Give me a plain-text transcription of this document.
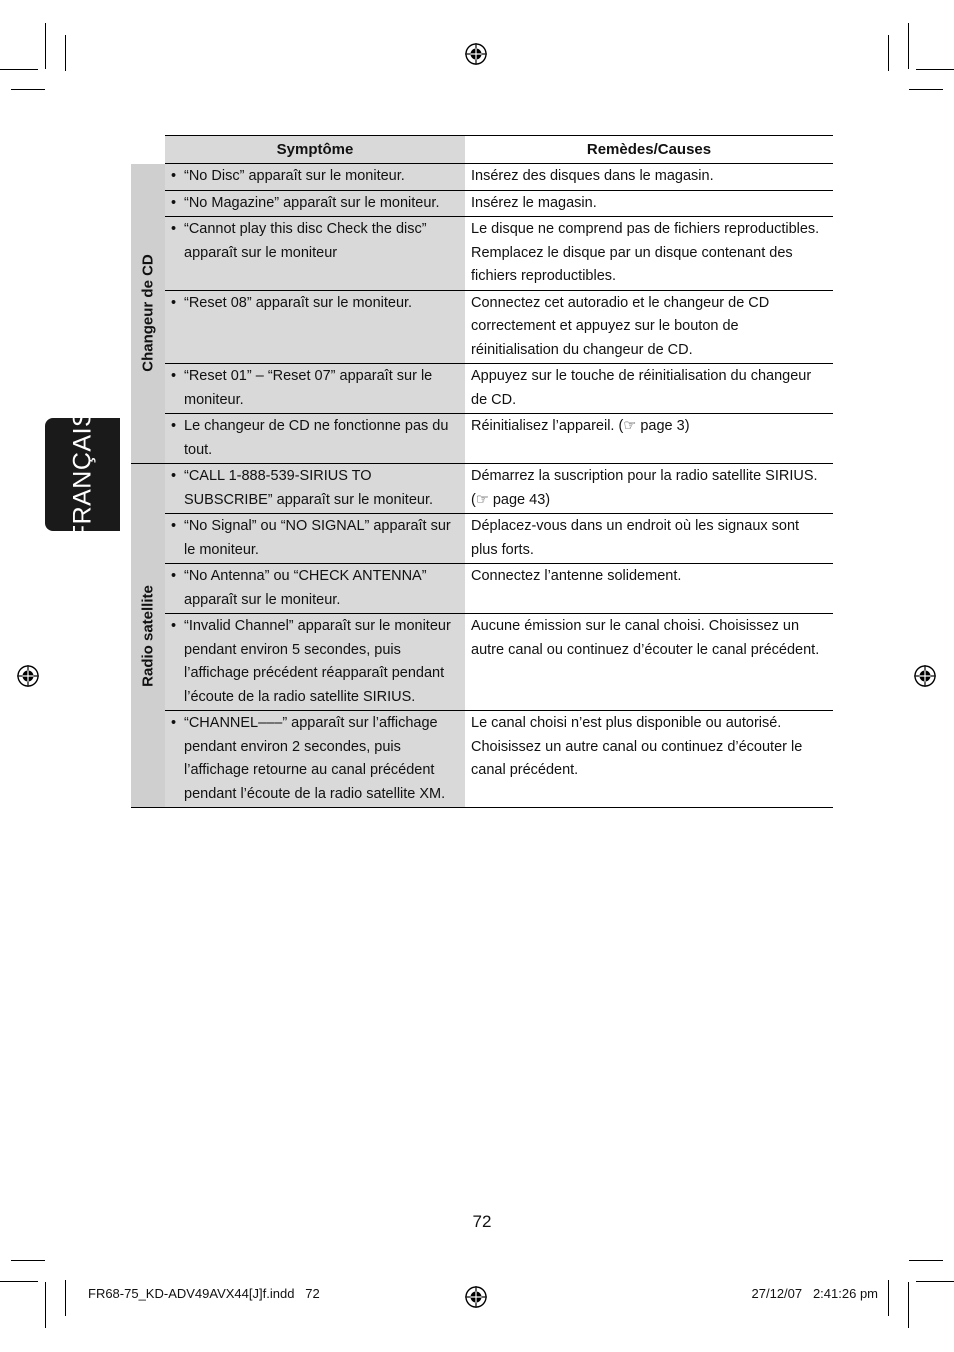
FRANÇAIS
	Symptôme	Remèdes/Causes

Changeur de CD	• “No Disc” apparaît sur le moniteur.	Insérez des disques dans le magasin.

	• “No Magazine” apparaît sur le moniteur.	Insérez le magasin.

	• “Cannot play this disc Check the disc” apparaît sur le moniteur	Le disque ne comprend pas de fichiers reproductibles. Remplacez le disque par un disque contenant des fichiers reproductibles.

	• “Reset 08” apparaît sur le moniteur.	Connectez cet autoradio et le changeur de CD correctement et appuyez sur le bouton de réinitialisation du changeur de CD.

	• “Reset 01” – “Reset 07” apparaît sur le moniteur.	Appuyez sur le touche de réinitialisation du changeur de CD.

	• Le changeur de CD ne fonctionne pas du tout.	Réinitialisez l’appareil. (☞ page 3)

Radio satellite	• “CALL 1-888-539-SIRIUS TO SUBSCRIBE” apparaît sur le moniteur.	Démarrez la suscription pour la radio satellite SIRIUS. (☞ page 43)

	• “No Signal” ou “NO SIGNAL” apparaît sur le moniteur.	Déplacez-vous dans un endroit où les signaux sont plus forts.

	• “No Antenna” ou “CHECK ANTENNA” apparaît sur le moniteur.	Connectez l’antenne solidement.

	• “Invalid Channel” apparaît sur le moniteur pendant environ 5 secondes, puis l’affichage précédent réapparaît pendant l’écoute de la radio satellite SIRIUS.	Aucune émission sur le canal choisi. Choisissez un autre canal ou continuez d’écouter le canal précédent.

	• “CHANNEL–––” apparaît sur l’affichage pendant environ 2 secondes, puis l’affichage retourne au canal précédent pendant l’écoute de la radio satellite XM.	Le canal choisi n’est plus disponible ou autorisé. Choisissez un autre canal ou continuez d’écouter le canal précédent.
72
FR68-75_KD-ADV49AVX44[J]f.indd   72	27/12/07   2:41:26 pm
